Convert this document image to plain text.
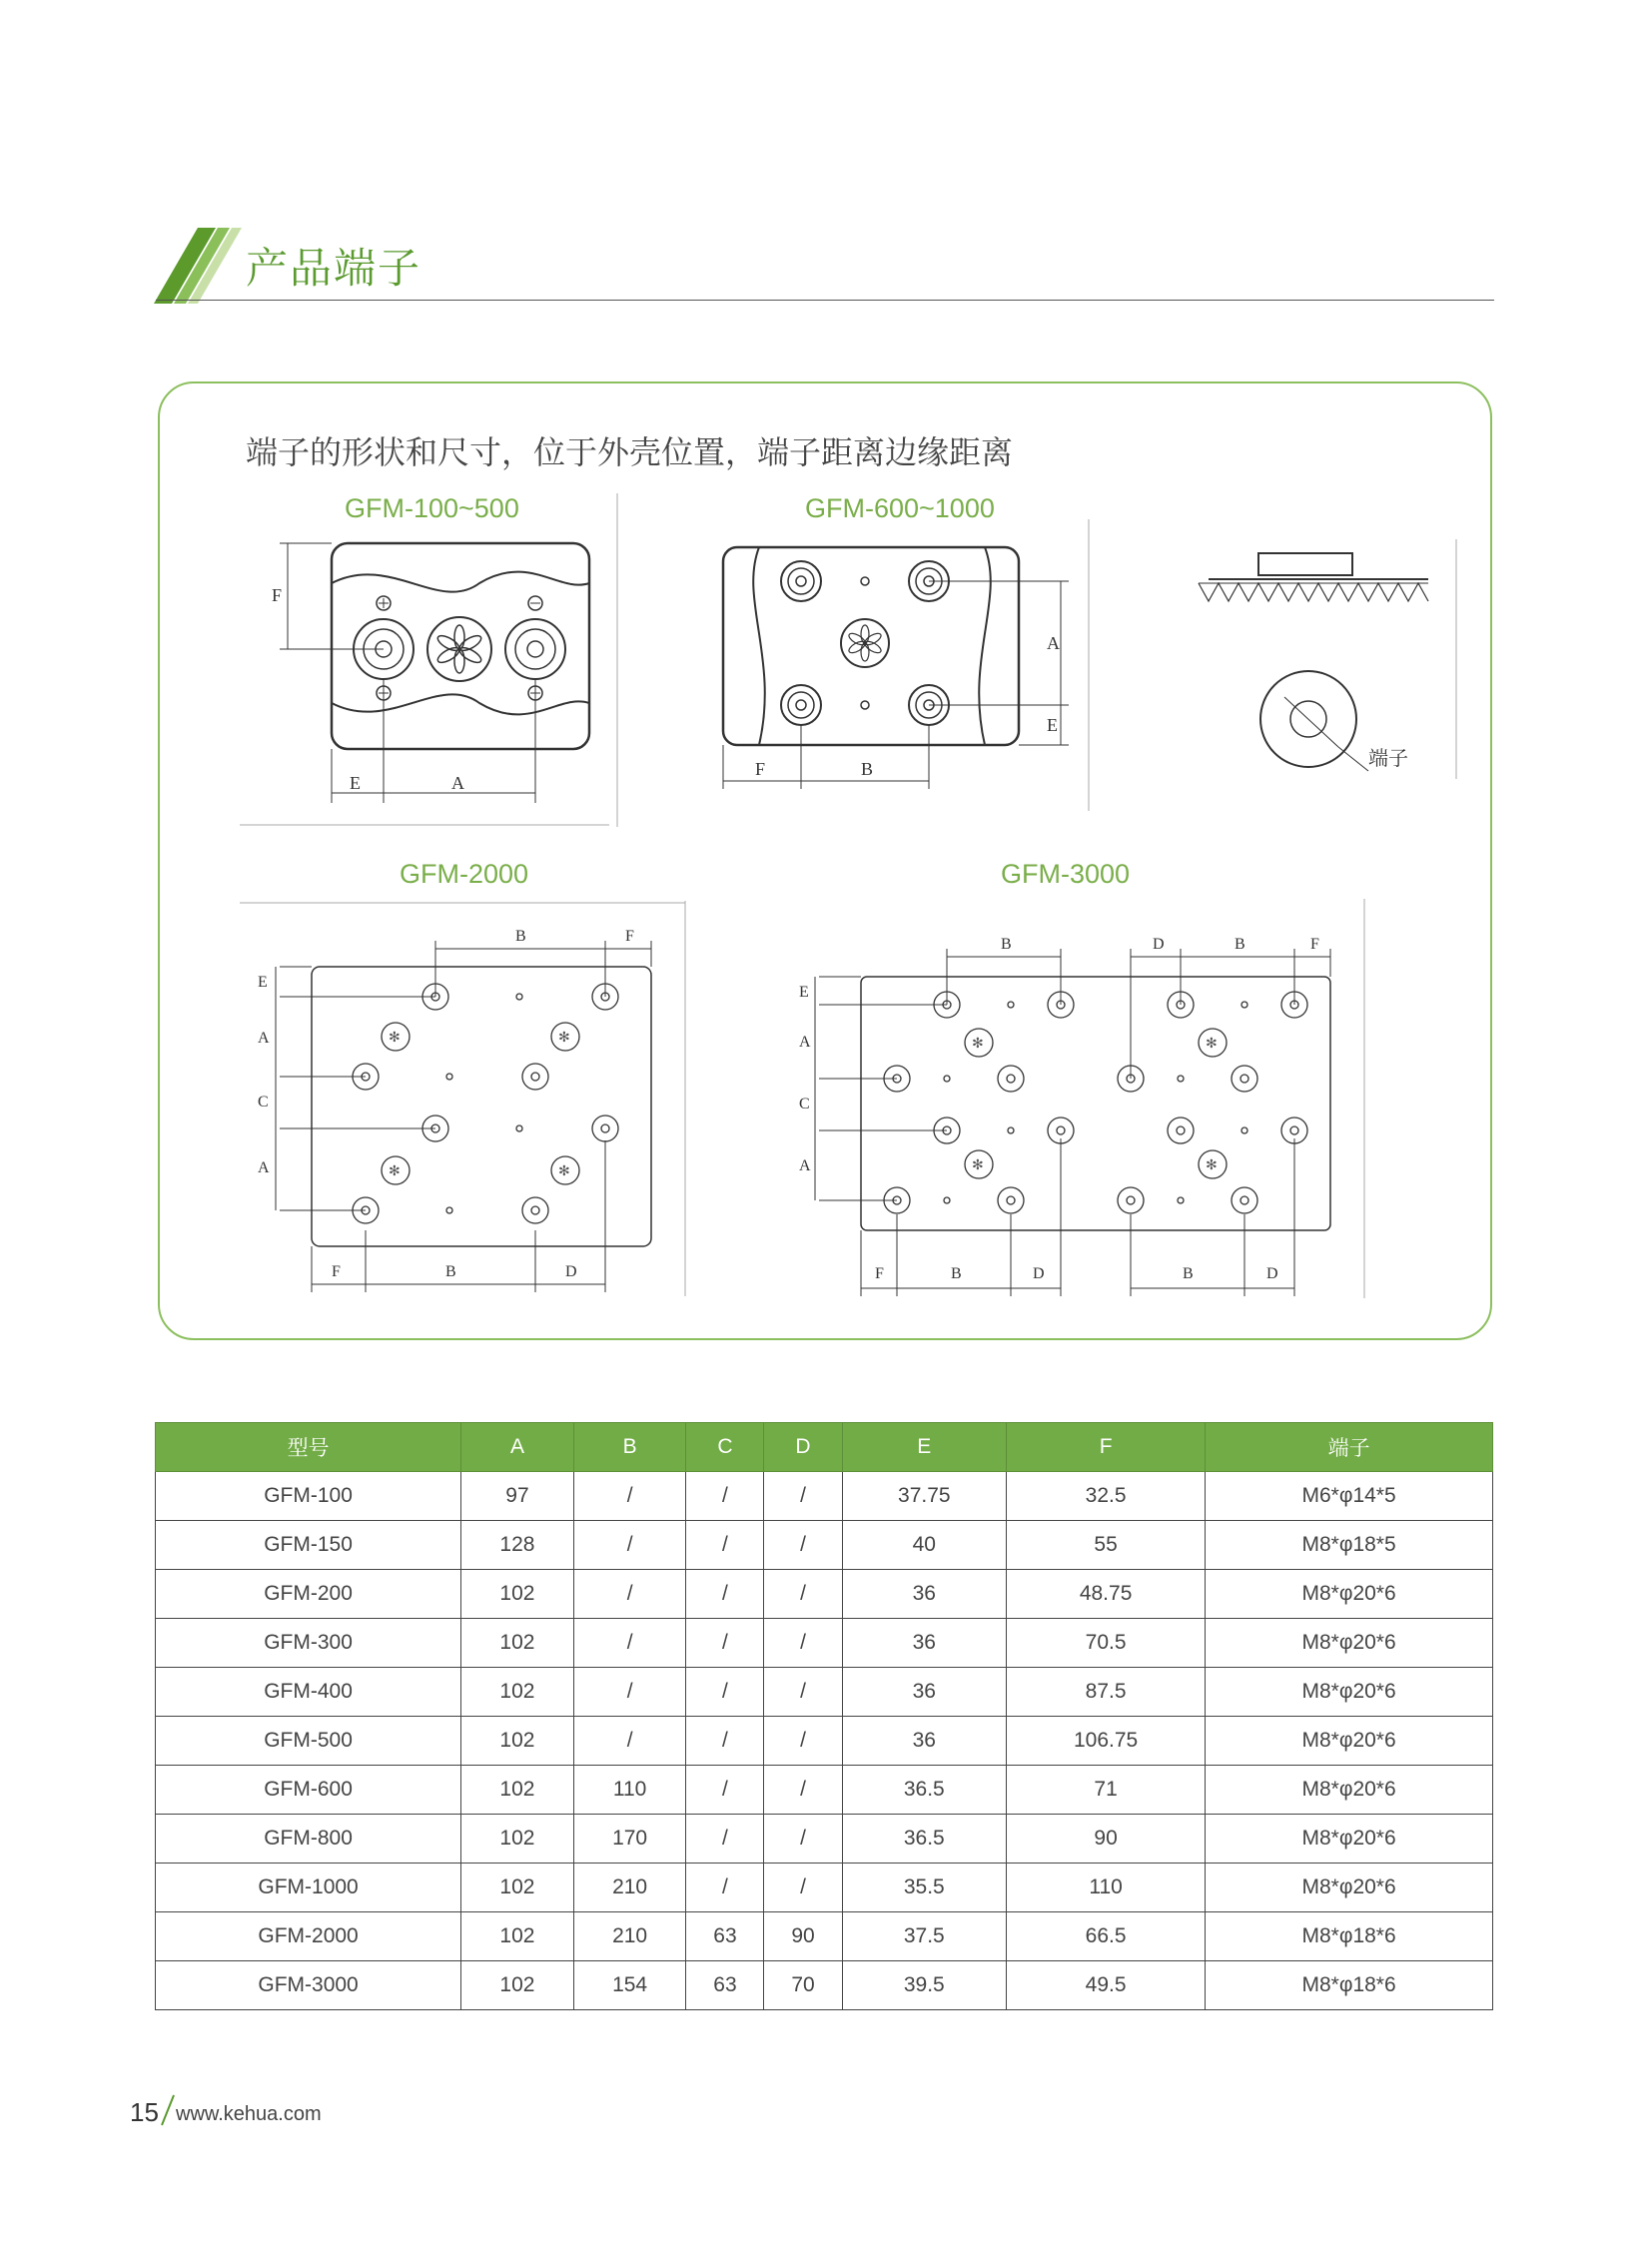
产品端子
端子的形状和尺寸，位于外壳位置，端子距离边缘距离
GFM-100~500	GFM-600~1000
GFM-2000	GFM-3000
E	A
F
F	B
A
E
端子
✻	✻
✻	✻
B	F
E
A
C
A
F	B	D
✻	✻
✻	✻
B	D	B	F
E
A
C
A
F	B	D	B	D
型号	A	B	C	D	E	F	端子
GFM-100	97	/	/	/	37.75	32.5	M6*φ14*5
GFM-150	128	/	/	/	40	55	M8*φ18*5
GFM-200	102	/	/	/	36	48.75	M8*φ20*6
GFM-300	102	/	/	/	36	70.5	M8*φ20*6
GFM-400	102	/	/	/	36	87.5	M8*φ20*6
GFM-500	102	/	/	/	36	106.75	M8*φ20*6
GFM-600	102	110	/	/	36.5	71	M8*φ20*6
GFM-800	102	170	/	/	36.5	90	M8*φ20*6
GFM-1000	102	210	/	/	35.5	110	M8*φ20*6
GFM-2000	102	210	63	90	37.5	66.5	M8*φ18*6
GFM-3000	102	154	63	70	39.5	49.5	M8*φ18*6
15 www.kehua.com
